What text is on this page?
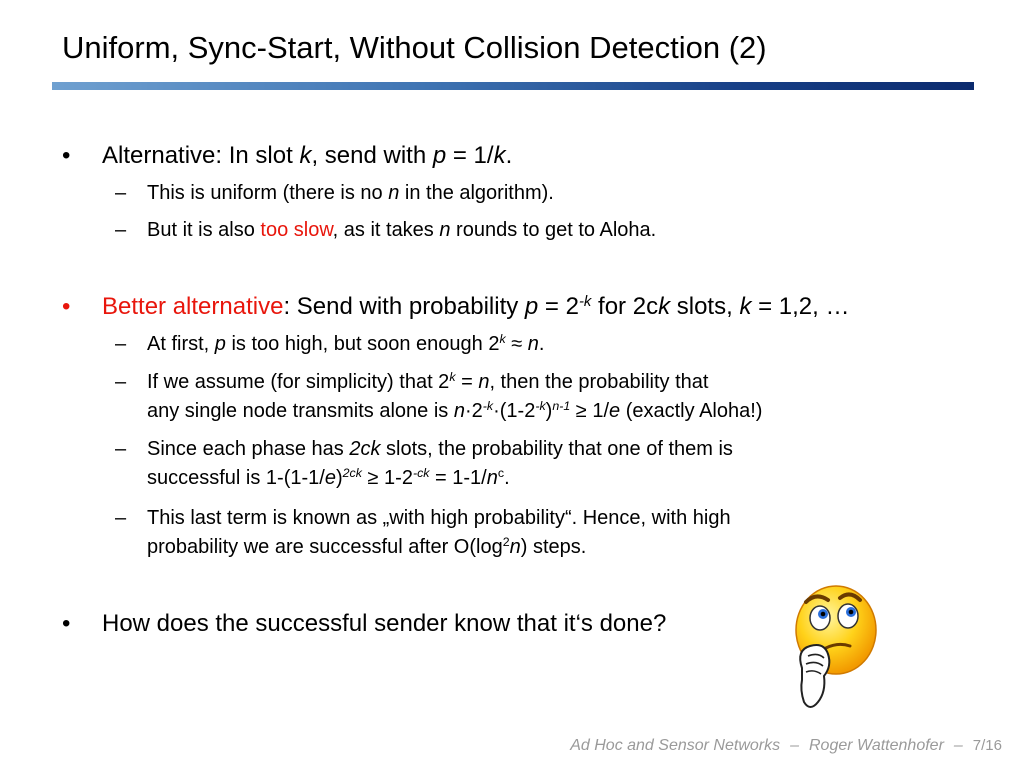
Uniform, Sync-Start, Without Collision Detection (2)
• Alternative: In slot k, send with p = 1/k.
– This is uniform (there is no n in the algorithm).
– But it is also too slow, as it takes n rounds to get to Aloha.
• Better alternative: Send with probability $p = 2^{-k}$ for 2ck slots, k = 1,2, …
– At first, p is too high, but soon enough $2^k \approx n$.
– If we assume (for simplicity) that $2^k = n$, then the probability that
any single node transmits alone is $n\cdot 2^{-k}\cdot(1-2^{-k})^{n-1} \ge 1/e$ (exactly Aloha!)
– Since each phase has 2ck slots, the probability that one of them is
successful is $1-(1-1/e)^{2ck} \ge 1-2^{-ck} = 1-1/n^c$.
– This last term is known as „with high probability“. Hence, with high
probability we are successful after $O(\log^2n)$ steps.
• How does the successful sender know that it‘s done?
Ad Hoc and Sensor Networks – Roger Wattenhofer – 7/16
